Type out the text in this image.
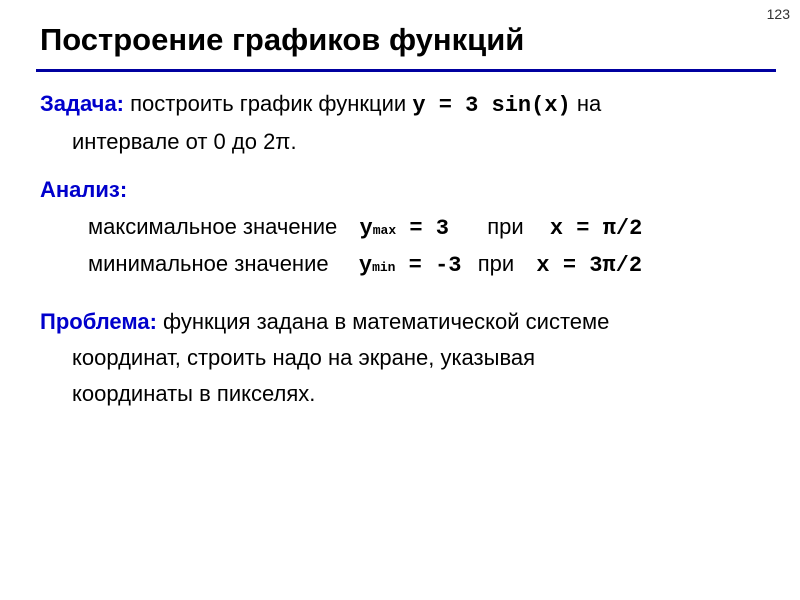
123
Построение графиков функций
Задача: построить график функции y = 3 sin(x) на
интервале от 0 до 2π.
Анализ:
максимальное значение ymax = 3 при x = π/2
минимальное значение ymin = -3 при x = 3π/2
Проблема: функция задана в математической системе
координат, строить надо на экране, указывая
координаты в пикселях.
